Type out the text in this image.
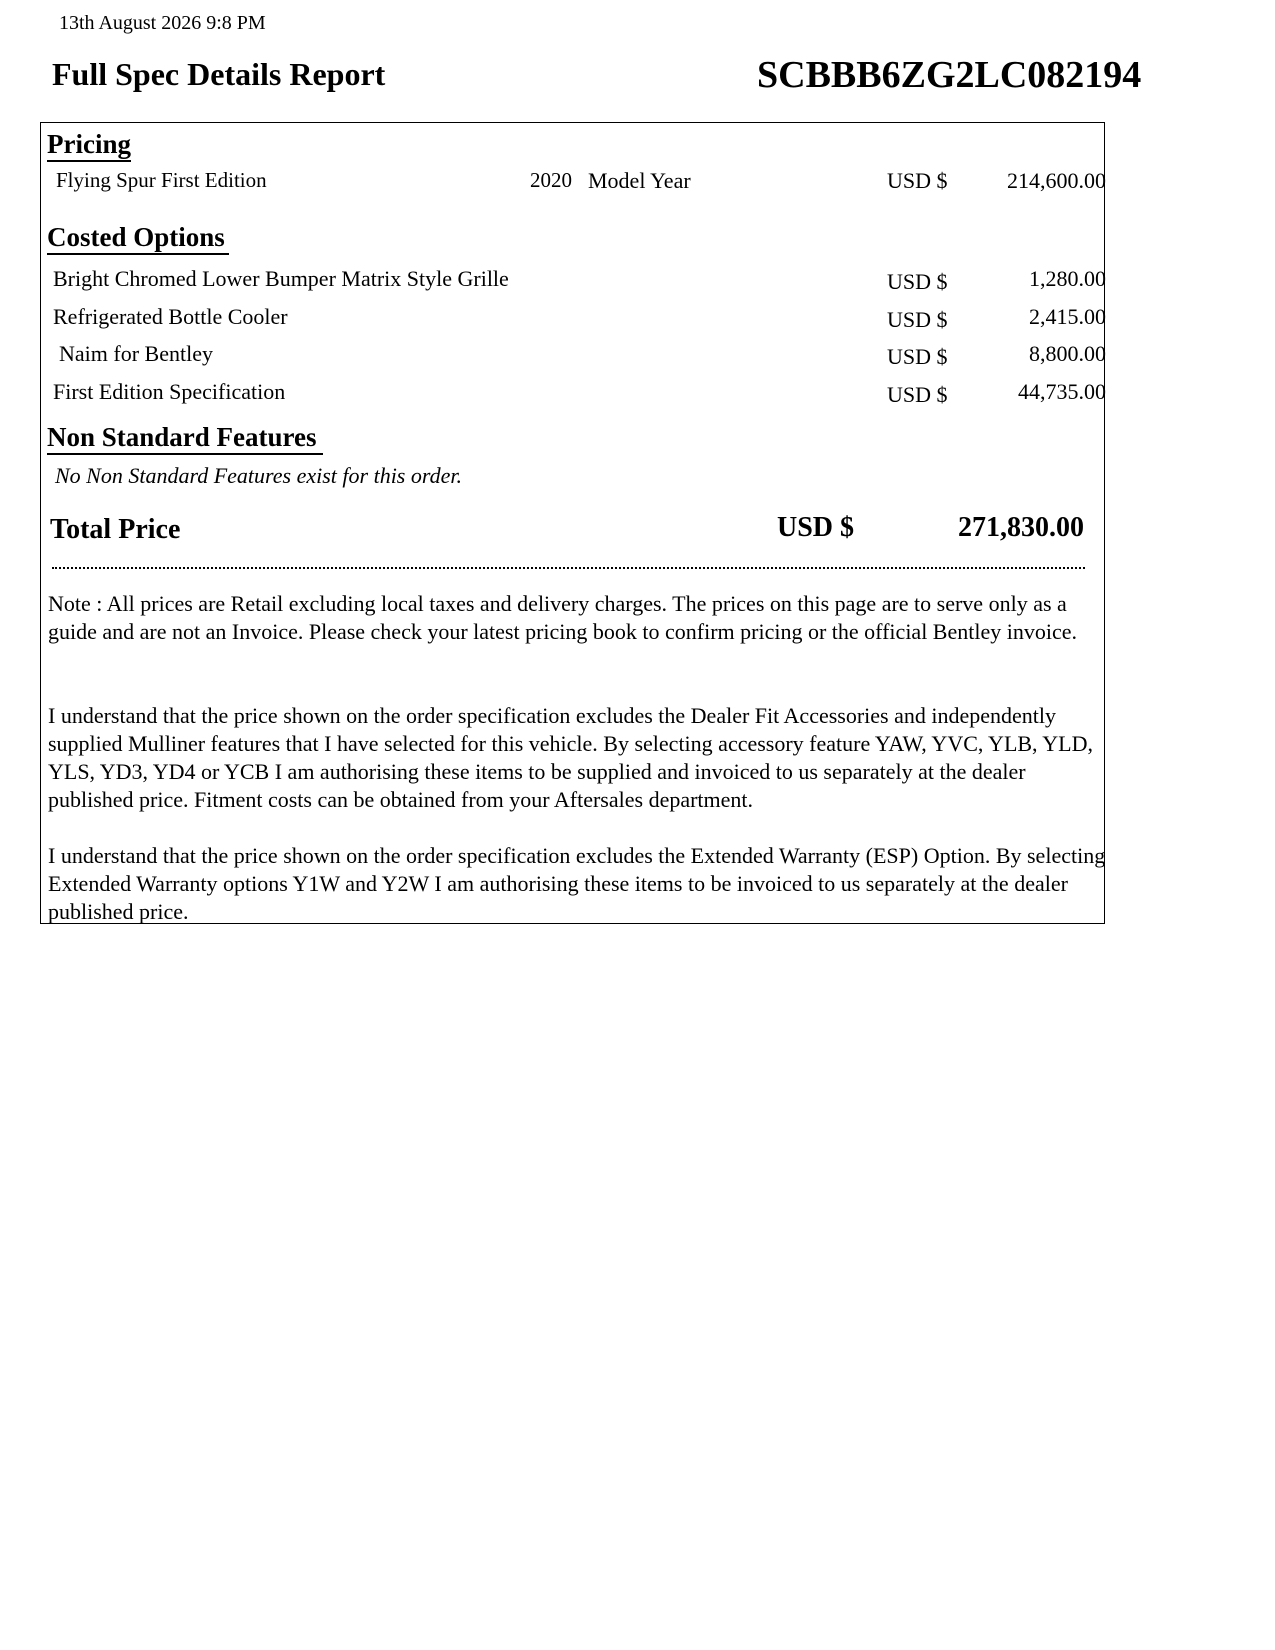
13th August 2026 9:8 PM
Full Spec Details Report	SCBBB6ZG2LC082194
Pricing
Flying Spur First Edition	2020 Model Year	USD $	214,600.00
Costed Options
Bright Chromed Lower Bumper Matrix Style Grille	USD $	1,280.00
Refrigerated Bottle Cooler	USD $	2,415.00
Naim for Bentley	USD $	8,800.00
First Edition Specification	USD $	44,735.00
Non Standard Features
No Non Standard Features exist for this order.
Total Price	USD $	271,830.00
Note : All prices are Retail excluding local taxes and delivery charges. The prices on this page are to serve only as a guide and are not an Invoice. Please check your latest pricing book to confirm pricing or the official Bentley invoice.
I understand that the price shown on the order specification excludes the Dealer Fit Accessories and independently supplied Mulliner features that I have selected for this vehicle. By selecting accessory feature YAW, YVC, YLB, YLD, YLS, YD3, YD4 or YCB I am authorising these items to be supplied and invoiced to us separately at the dealer published price. Fitment costs can be obtained from your Aftersales department.
I understand that the price shown on the order specification excludes the Extended Warranty (ESP) Option. By selecting Extended Warranty options Y1W and Y2W I am authorising these items to be invoiced to us separately at the dealer published price.
